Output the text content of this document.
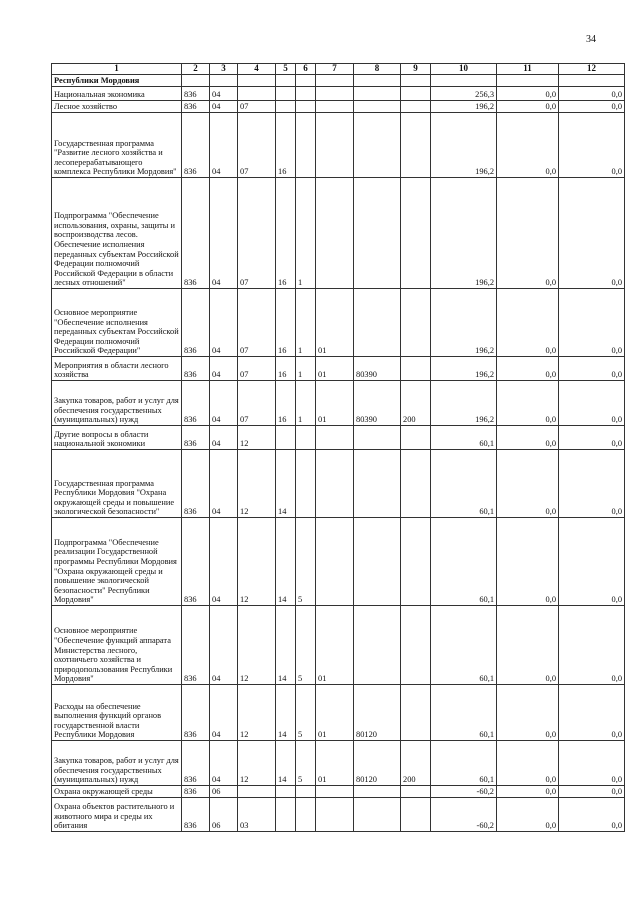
34
1	2	3	4	5	6	7	8	9	10	11	12
Республики Мордовия											
Национальная экономика	836	04							256,3	0,0	0,0
Лесное хозяйство	836	04	07						196,2	0,0	0,0
Государственная программа "Развитие лесного хозяйства и лесоперерабатывающего комплекса Республики Мордовия"	836	04	07	16					196,2	0,0	0,0
Подпрограмма "Обеспечение использования, охраны, защиты и воспроизводства лесов. Обеспечение исполнения переданных субъектам Российской Федерации полномочий Российской Федерации в области лесных отношений"	836	04	07	16	1				196,2	0,0	0,0
Основное мероприятие "Обеспечение исполнения переданных субъектам Российской Федерации полномочий Российской Федерации"	836	04	07	16	1	01			196,2	0,0	0,0
Мероприятия в области лесного хозяйства	836	04	07	16	1	01	80390		196,2	0,0	0,0
Закупка товаров, работ и услуг для обеспечения государственных (муниципальных) нужд	836	04	07	16	1	01	80390	200	196,2	0,0	0,0
Другие вопросы в области национальной экономики	836	04	12						60,1	0,0	0,0
Государственная программа Республики Мордовия "Охрана окружающей среды и повышение экологической безопасности"	836	04	12	14					60,1	0,0	0,0
Подпрограмма "Обеспечение реализации Государственной программы Республики Мордовия "Охрана окружающей среды и повышение экологической безопасности" Республики Мордовия"	836	04	12	14	5				60,1	0,0	0,0
Основное мероприятие "Обеспечение функций аппарата Министерства лесного, охотничьего хозяйства и природопользования Республики Мордовия"	836	04	12	14	5	01			60,1	0,0	0,0
Расходы на обеспечение выполнения функций органов государственной власти Республики Мордовия	836	04	12	14	5	01	80120		60,1	0,0	0,0
Закупка товаров, работ и услуг для обеспечения государственных (муниципальных) нужд	836	04	12	14	5	01	80120	200	60,1	0,0	0,0
Охрана окружающей среды	836	06							-60,2	0,0	0,0
Охрана объектов растительного и животного мира и среды их обитания	836	06	03						-60,2	0,0	0,0
